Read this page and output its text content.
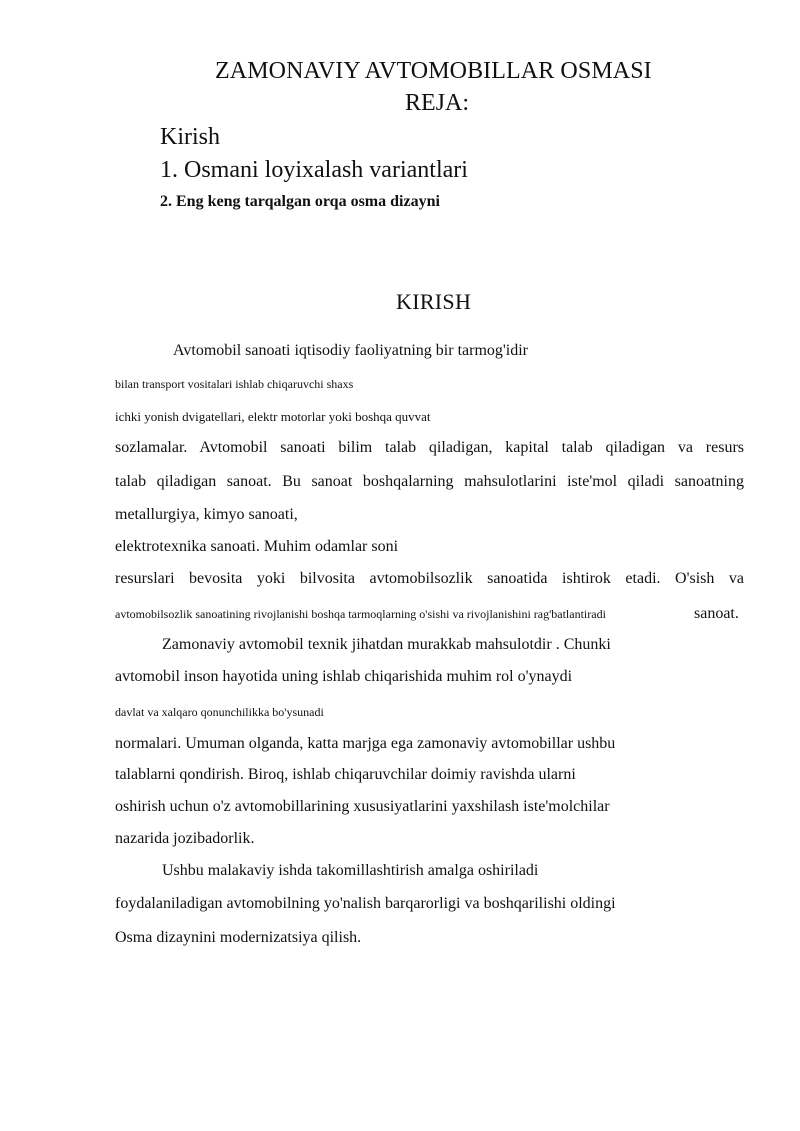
ZAMONAVIY AVTOMOBILLAR OSMASI
REJA:
Kirish
1. Osmani loyixalash variantlari
2. Eng keng tarqalgan orqa osma dizayni
KIRISH
Avtomobil sanoati iqtisodiy faoliyatning bir tarmog'idir
bilan transport vositalari ishlab chiqaruvchi shaxs
ichki yonish dvigatellari, elektr motorlar yoki boshqa quvvat
sozlamalar. Avtomobil sanoati bilim talab qiladigan, kapital talab qiladigan va resurs
talab qiladigan sanoat. Bu sanoat boshqalarning mahsulotlarini iste'mol qiladi sanoatning
metallurgiya, kimyo sanoati,
elektrotexnika sanoati. Muhim odamlar soni
resurslari bevosita yoki bilvosita avtomobilsozlik sanoatida ishtirok etadi. O'sish va
avtomobilsozlik sanoatining rivojlanishi boshqa tarmoqlarning o'sishi va rivojlanishini rag'batlantiradi	sanoat.
Zamonaviy avtomobil texnik jihatdan murakkab mahsulotdir . Chunki
avtomobil inson hayotida uning ishlab chiqarishida muhim rol o'ynaydi
davlat va xalqaro qonunchilikka bo'ysunadi
normalari. Umuman olganda, katta marjga ega zamonaviy avtomobillar ushbu
talablarni qondirish. Biroq, ishlab chiqaruvchilar doimiy ravishda ularni
oshirish uchun o'z avtomobillarining xususiyatlarini yaxshilash iste'molchilar
nazarida jozibadorlik.
Ushbu malakaviy ishda takomillashtirish amalga oshiriladi
foydalaniladigan avtomobilning yo'nalish barqarorligi va boshqarilishi oldingi
Osma dizaynini modernizatsiya qilish.
